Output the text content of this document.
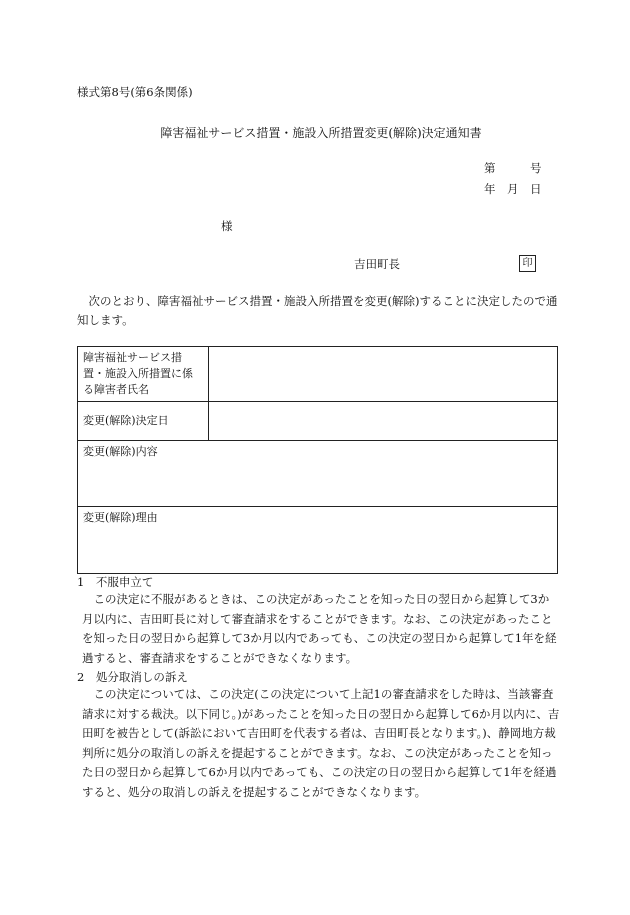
様式第8号(第6条関係)
障害福祉サービス措置・施設入所措置変更(解除)決定通知書
第　　　号
年　月　日
様
吉田町長	印
次のとおり、障害福祉サービス措置・施設入所措置を変更(解除)することに決定したので通知します。
障害福祉サービス措置・施設入所措置に係る障害者氏名	
変更(解除)決定日	
変更(解除)内容	
変更(解除)理由	
1　不服申立て
この決定に不服があるときは、この決定があったことを知った日の翌日から起算して3か月以内に、吉田町長に対して審査請求をすることができます。なお、この決定があったことを知った日の翌日から起算して3か月以内であっても、この決定の翌日から起算して1年を経過すると、審査請求をすることができなくなります。
2　処分取消しの訴え
この決定については、この決定(この決定について上記1の審査請求をした時は、当該審査請求に対する裁決。以下同じ。)があったことを知った日の翌日から起算して6か月以内に、吉田町を被告として(訴訟において吉田町を代表する者は、吉田町長となります。)、静岡地方裁判所に処分の取消しの訴えを提起することができます。なお、この決定があったことを知った日の翌日から起算して6か月以内であっても、この決定の日の翌日から起算して1年を経過すると、処分の取消しの訴えを提起することができなくなります。
